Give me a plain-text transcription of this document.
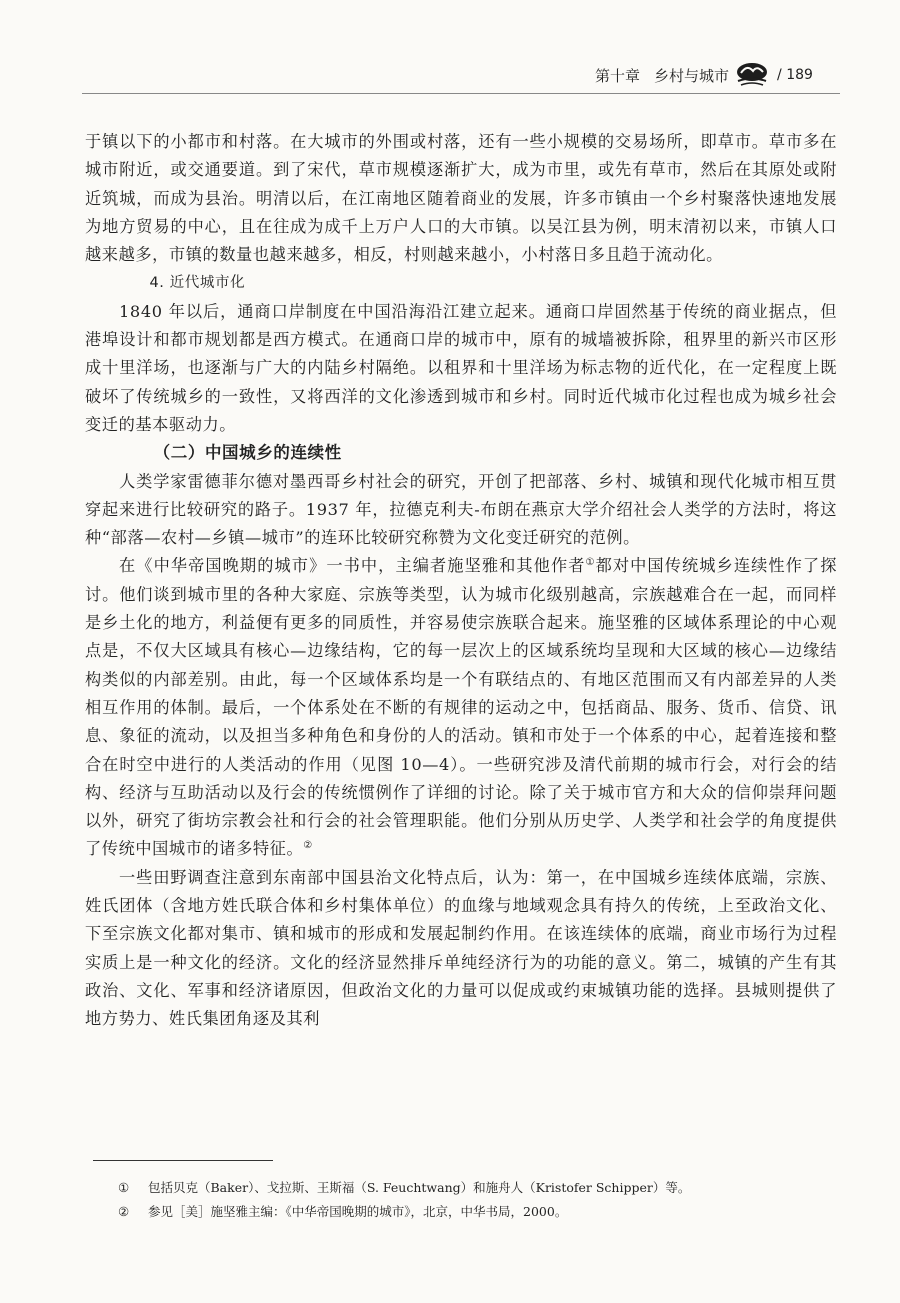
第十章 乡村与城市	/ 189

于镇以下的小都市和村落。在大城市的外围或村落，还有一些小规模的交易场所，即草市。草市多在城市附近，或交通要道。到了宋代，草市规模逐渐扩大，成为市里，或先有草市，然后在其原处或附近筑城，而成为县治。明清以后，在江南地区随着商业的发展，许多市镇由一个乡村聚落快速地发展为地方贸易的中心，且在往成为成千上万户人口的大市镇。以吴江县为例，明末清初以来，市镇人口越来越多，市镇的数量也越来越多，相反，村则越来越小，小村落日多且趋于流动化。

4. 近代城市化

1840 年以后，通商口岸制度在中国沿海沿江建立起来。通商口岸固然基于传统的商业据点，但港埠设计和都市规划都是西方模式。在通商口岸的城市中，原有的城墙被拆除，租界里的新兴市区形成十里洋场，也逐渐与广大的内陆乡村隔绝。以租界和十里洋场为标志物的近代化，在一定程度上既破坏了传统城乡的一致性，又将西洋的文化渗透到城市和乡村。同时近代城市化过程也成为城乡社会变迁的基本驱动力。

（二）中国城乡的连续性

人类学家雷德菲尔德对墨西哥乡村社会的研究，开创了把部落、乡村、城镇和现代化城市相互贯穿起来进行比较研究的路子。1937 年，拉德克利夫-布朗在燕京大学介绍社会人类学的方法时，将这种“部落—农村—乡镇—城市”的连环比较研究称赞为文化变迁研究的范例。

在《中华帝国晚期的城市》一书中，主编者施坚雅和其他作者①都对中国传统城乡连续性作了探讨。他们谈到城市里的各种大家庭、宗族等类型，认为城市化级别越高，宗族越难合在一起，而同样是乡土化的地方，利益便有更多的同质性，并容易使宗族联合起来。施坚雅的区域体系理论的中心观点是，不仅大区域具有核心—边缘结构，它的每一层次上的区域系统均呈现和大区域的核心—边缘结构类似的内部差别。由此，每一个区域体系均是一个有联结点的、有地区范围而又有内部差异的人类相互作用的体制。最后，一个体系处在不断的有规律的运动之中，包括商品、服务、货币、信贷、讯息、象征的流动，以及担当多种角色和身份的人的活动。镇和市处于一个体系的中心，起着连接和整合在时空中进行的人类活动的作用（见图 10—4）。一些研究涉及清代前期的城市行会，对行会的结构、经济与互助活动以及行会的传统惯例作了详细的讨论。除了关于城市官方和大众的信仰崇拜问题以外，研究了街坊宗教会社和行会的社会管理职能。他们分别从历史学、人类学和社会学的角度提供了传统中国城市的诸多特征。②

一些田野调查注意到东南部中国县治文化特点后，认为：第一，在中国城乡连续体底端，宗族、姓氏团体（含地方姓氏联合体和乡村集体单位）的血缘与地域观念具有持久的传统，上至政治文化、下至宗族文化都对集市、镇和城市的形成和发展起制约作用。在该连续体的底端，商业市场行为过程实质上是一种文化的经济。文化的经济显然排斥单纯经济行为的功能的意义。第二，城镇的产生有其政治、文化、军事和经济诸原因，但政治文化的力量可以促成或约束城镇功能的选择。县城则提供了地方势力、姓氏集团角逐及其利

①	包括贝克（Baker）、戈拉斯、王斯福（S. Feuchtwang）和施舟人（Kristofer Schipper）等。
②	参见［美］施坚雅主编：《中华帝国晚期的城市》，北京，中华书局，2000。
